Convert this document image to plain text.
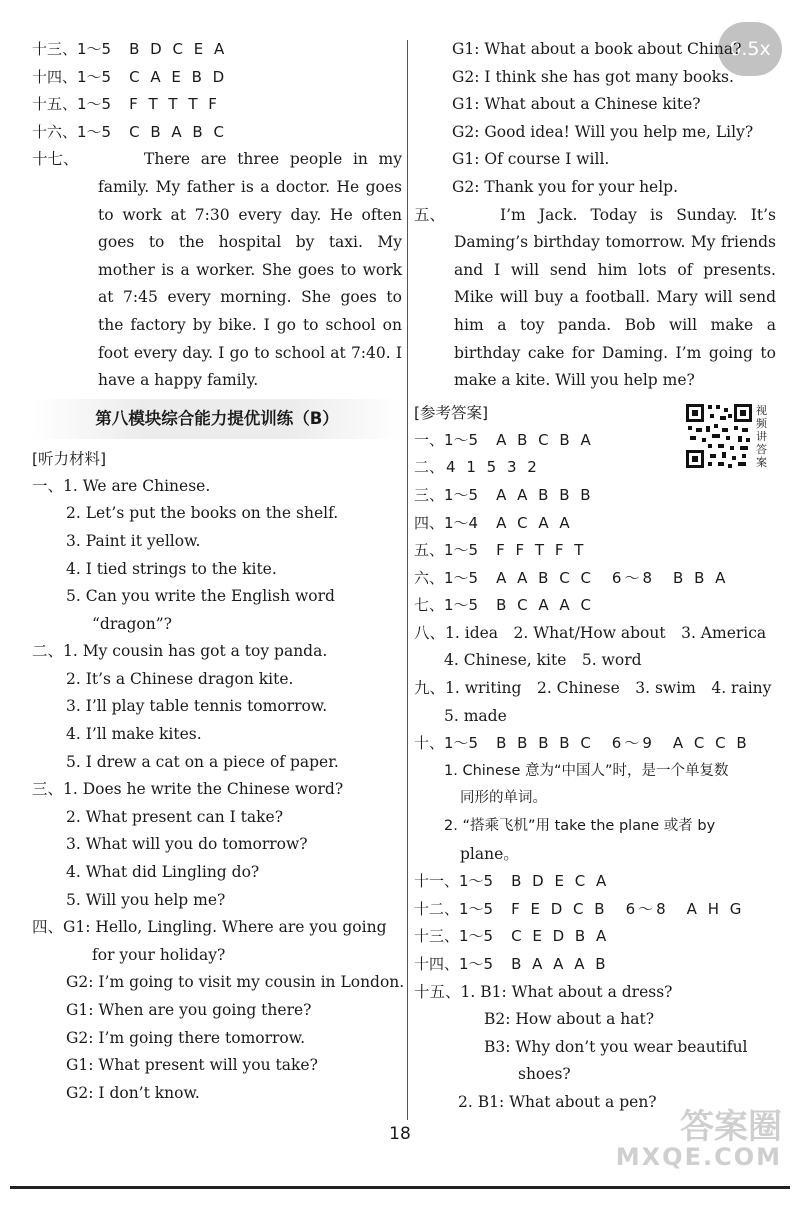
0.5x
十三、1～5 B D C E A
十四、1～5 C A E B D
十五、1～5 F T T T F
十六、1～5 C B A B C
十七、	There are three people in my family. My father is a doctor. He goes to work at 7:30 every day. He often goes to the hospital by taxi. My mother is a worker. She goes to work at 7:45 every morning. She goes to the factory by bike. I go to school on foot every day. I go to school at 7:40. I have a happy family.
第八模块综合能力提优训练（B）
[听力材料]
一、1. We are Chinese.
2. Let’s put the books on the shelf.
3. Paint it yellow.
4. I tied strings to the kite.
5. Can you write the English word
“dragon”?
二、1. My cousin has got a toy panda.
2. It’s a Chinese dragon kite.
3. I’ll play table tennis tomorrow.
4. I’ll make kites.
5. I drew a cat on a piece of paper.
三、1. Does he write the Chinese word?
2. What present can I take?
3. What will you do tomorrow?
4. What did Lingling do?
5. Will you help me?
四、G1: Hello, Lingling. Where are you going
for your holiday?
G2: I’m going to visit my cousin in London.
G1: When are you going there?
G2: I’m going there tomorrow.
G1: What present will you take?
G2: I don’t know.
G1: What about a book about China?
G2: I think she has got many books.
G1: What about a Chinese kite?
G2: Good idea! Will you help me, Lily?
G1: Of course I will.
G2: Thank you for your help.
五、	I’m Jack. Today is Sunday. It’s Daming’s birthday tomorrow. My friends and I will send him lots of presents. Mike will buy a football. Mary will send him a toy panda. Bob will make a birthday cake for Daming. I’m going to make a kite. Will you help me?
[参考答案]
一、1～5 A B C B A
二、 4 1 5 3 2
三、1～5 A A B B B
四、1～4 A C A A
五、1～5 F F T F T
六、1～5 A A B C C　6～8　B B A
七、1～5 B C A A C
八、1. idea　2. What/How about　3. America
4. Chinese, kite　5. word
九、1. writing　2. Chinese　3. swim　4. rainy
5. made
十、1～5 B B B B C　6～9　A C C B
1. Chinese 意为“中国人”时，是一个单复数
同形的单词。
2. “搭乘飞机”用 take the plane 或者 by
plane。
十一、1～5 B D E C A
十二、1～5 F E D C B　6～8　A H G
十三、1～5 C E D B A
十四、1～5 B A A A B
十五、1. B1: What about a dress?
B2: How about a hat?
B3: Why don’t you wear beautiful
shoes?
2. B1: What about a pen?
视频讲答案
18	答案圈
MXQE.COM
